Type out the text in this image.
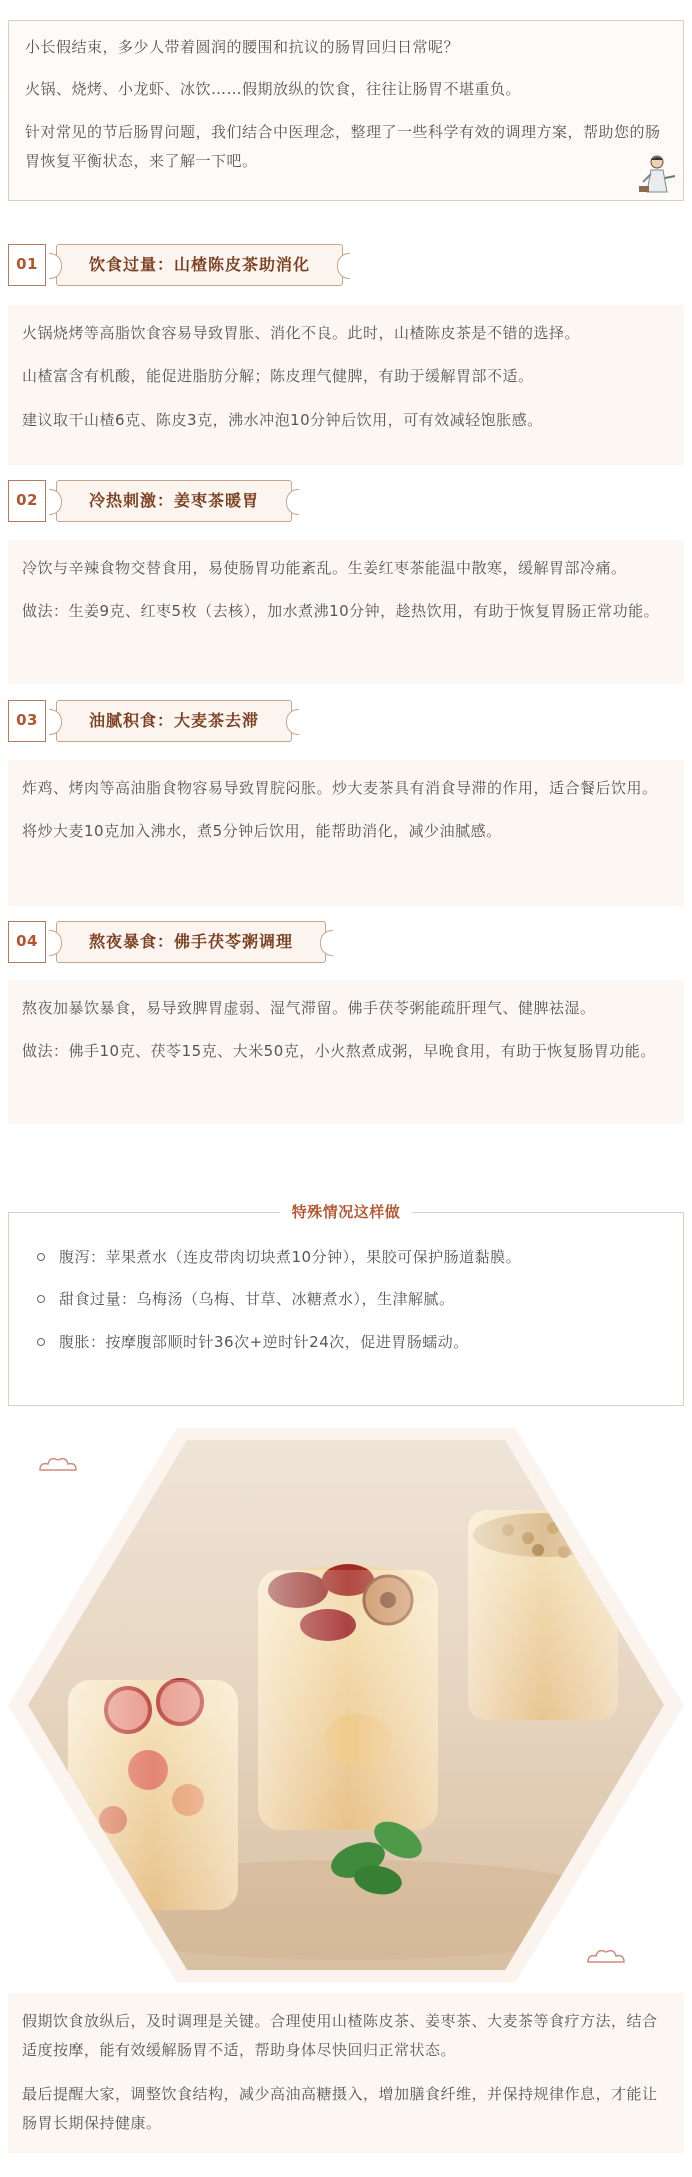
小长假结束，多少人带着圆润的腰围和抗议的肠胃回归日常呢？

火锅、烧烤、小龙虾、冰饮……假期放纵的饮食，往往让肠胃不堪重负。

针对常见的节后肠胃问题，我们结合中医理念，整理了一些科学有效的调理方案，帮助您的肠胃恢复平衡状态，来了解一下吧。

01	饮食过量：山楂陈皮茶助消化

火锅烧烤等高脂饮食容易导致胃胀、消化不良。此时，山楂陈皮茶是不错的选择。

山楂富含有机酸，能促进脂肪分解；陈皮理气健脾，有助于缓解胃部不适。

建议取干山楂6克、陈皮3克，沸水冲泡10分钟后饮用，可有效减轻饱胀感。

02	冷热刺激：姜枣茶暖胃

冷饮与辛辣食物交替食用，易使肠胃功能紊乱。生姜红枣茶能温中散寒，缓解胃部冷痛。

做法：生姜9克、红枣5枚（去核），加水煮沸10分钟，趁热饮用，有助于恢复胃肠正常功能。

03	油腻积食：大麦茶去滞

炸鸡、烤肉等高油脂食物容易导致胃脘闷胀。炒大麦茶具有消食导滞的作用，适合餐后饮用。

将炒大麦10克加入沸水，煮5分钟后饮用，能帮助消化，减少油腻感。

04	熬夜暴食：佛手茯苓粥调理

熬夜加暴饮暴食，易导致脾胃虚弱、湿气滞留。佛手茯苓粥能疏肝理气、健脾祛湿。

做法：佛手10克、茯苓15克、大米50克，小火熬煮成粥，早晚食用，有助于恢复肠胃功能。

腹泻：苹果煮水（连皮带肉切块煮10分钟），果胶可保护肠道黏膜。
甜食过量：乌梅汤（乌梅、甘草、冰糖煮水），生津解腻。
腹胀：按摩腹部顺时针36次+逆时针24次，促进胃肠蠕动。
特殊情况这样做

假期饮食放纵后，及时调理是关键。合理使用山楂陈皮茶、姜枣茶、大麦茶等食疗方法，结合适度按摩，能有效缓解肠胃不适，帮助身体尽快回归正常状态。

最后提醒大家，调整饮食结构，减少高油高糖摄入，增加膳食纤维，并保持规律作息，才能让肠胃长期保持健康。
